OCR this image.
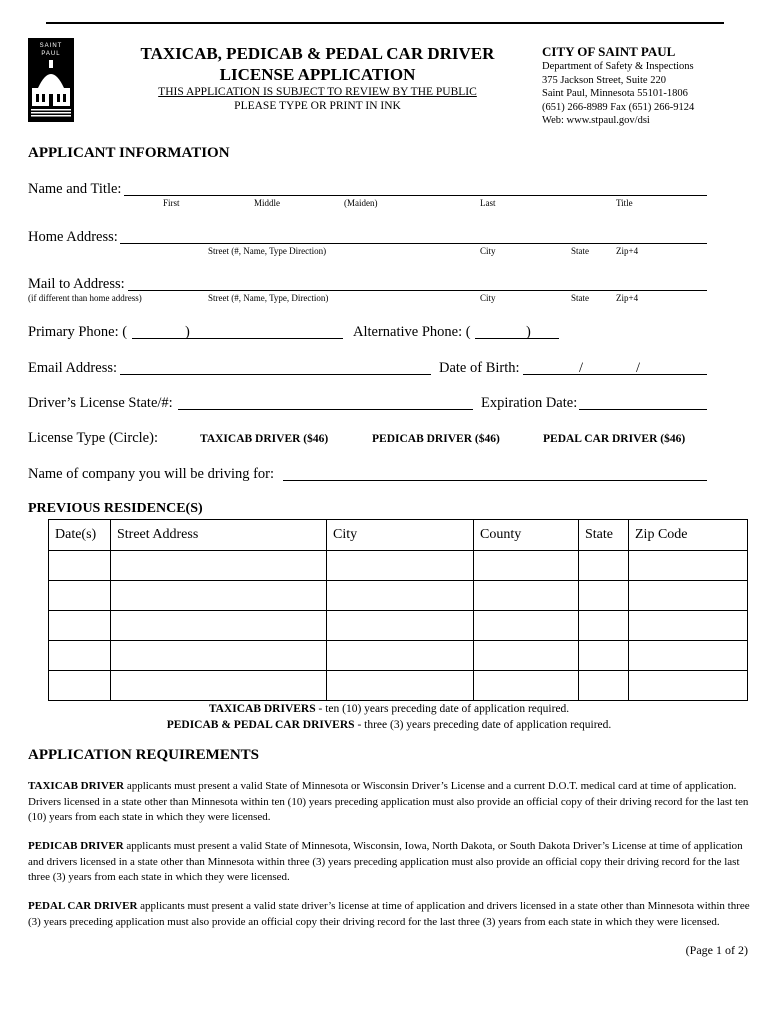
SAINT
PAUL	TAXICAB, PEDICAB & PEDAL CAR DRIVER
LICENSE APPLICATION
THIS APPLICATION IS SUBJECT TO REVIEW BY THE PUBLIC
PLEASE TYPE OR PRINT IN INK
CITY OF SAINT PAUL
Department of Safety & Inspections
375 Jackson Street, Suite 220
Saint Paul, Minnesota 55101-1806
(651) 266-8989 Fax (651) 266-9124
Web: www.stpaul.gov/dsi
APPLICANT INFORMATION
Name and Title:
First	Middle	(Maiden)	Last	Title
Home Address:
Street (#, Name, Type Direction)	City	State	Zip+4
Mail to Address:
(if different than home address)	Street (#, Name, Type, Direction)	City	State	Zip+4
Primary Phone: (	)	Alternative Phone: (	)
Email Address:	Date of Birth:	/	/
Driver’s License State/#:	Expiration Date:
License Type (Circle):	TAXICAB DRIVER ($46)	PEDICAB DRIVER ($46)	PEDAL CAR DRIVER ($46)
Name of company you will be driving for:
PREVIOUS RESIDENCE(S)
Date(s)	Street Address	City	County	State	Zip Code

TAXICAB DRIVERS - ten (10) years preceding date of application required.
PEDICAB & PEDAL CAR DRIVERS - three (3) years preceding date of application required.
APPLICATION REQUIREMENTS
TAXICAB DRIVER applicants must present a valid State of Minnesota or Wisconsin Driver’s License and a current D.O.T. medical card at time of application. Drivers licensed in a state other than Minnesota within ten (10) years preceding application must also provide an official copy of their driving record for the last ten (10) years from each state in which they were licensed.
PEDICAB DRIVER applicants must present a valid State of Minnesota, Wisconsin, Iowa, North Dakota, or South Dakota Driver’s License at time of application and drivers licensed in a state other than Minnesota within three (3) years preceding application must also provide an official copy their driving record for the last three (3) years from each state in which they were licensed.
PEDAL CAR DRIVER applicants must present a valid state driver’s license at time of application and drivers licensed in a state other than Minnesota within three (3) years preceding application must also provide an official copy their driving record for the last three (3) years from each state in which they were licensed.
(Page 1 of 2)
